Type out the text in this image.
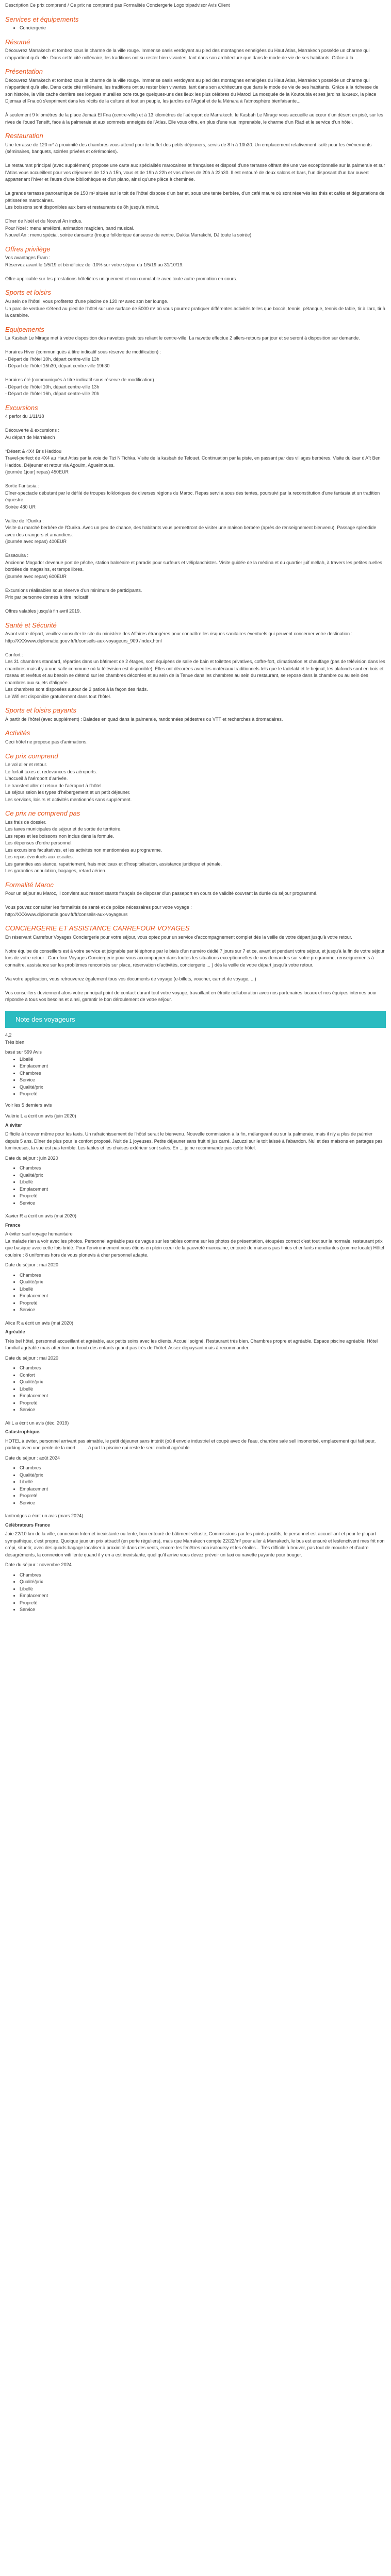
Description Ce prix comprend / Ce prix ne comprend pas Formalités Conciergerie Logo tripadvisor Avis Client
Services et équipements
• Conciergerie
Résumé

Découvrez Marrakech et tombez sous le charme de la ville rouge. Immense oasis verdoyant au pied des montagnes enneigées du Haut Atlas, Marrakech possède un charme qui n'appartient qu'à elle. Dans cette cité millénaire, les traditions ont su rester bien vivantes, tant dans son architecture que dans le mode de vie de ses habitants. Grâce à la ...

Présentation

Découvrez Marrakech et tombez sous le charme de la ville rouge. Immense oasis verdoyant au pied des montagnes enneigées du Haut Atlas, Marrakech possède un charme qui n'appartient qu'à elle. Dans cette cité millénaire, les traditions ont su rester bien vivantes, tant dans son architecture que dans le mode de vie de ses habitants. Grâce à la richesse de son histoire, la ville cache derrière ses longues murailles ocre rouge quelques-uns des lieux les plus célèbres du Maroc! La mosquée de la Koutoubia et ses jardins luxueux, la place Djemaa el Fna où s'expriment dans les récits de la culture et tout un peuple, les jardins de l'Agdal et de la Ménara à l'atmosphère bienfaisante...

À seulement 9 kilomètres de la place Jemaà El Fna (centre-ville) et à 13 kilomètres de l'aéroport de Marrakech, le Kasbah Le Mirage vous accueille au cœur d'un désert en pisé, sur les rives de l'oued Tensift, face à la palmeraie et aux sommets enneigés de l'Atlas. Elle vous offre, en plus d'une vue imprenable, le charme d'un Riad et le service d'un hôtel.

Restauration

Une terrasse de 120 m² à proximité des chambres vous attend pour le buffet des petits-déjeuners, servis de 8 h à 10h30. Un emplacement relativement isolé pour les évènements (séminaires, banquets, soirées privées et cérémonies).

Le restaurant principal (avec supplément) propose une carte aux spécialités marocaines et françaises et disposé d'une terrasse offrant été une vue exceptionnelle sur la palmeraie et sur l'Atlas vous accueillent pour vos déjeuners de 12h à 15h, vous et de 19h à 22h et vos dîners de 20h à 22h30. Il est entouré de deux salons et bars, l'un disposant d'un bar ouvert appartenant l'hiver et l'autre d'une bibliothèque et d'un piano, ainsi qu'une pièce à cheminée.

La grande terrasse panoramique de 150 m² située sur le toit de l'hôtel dispose d'un bar et, sous une tente berbère, d'un café maure où sont réservés les thés et cafés et dégustations de pâtisseries marocaines.
Les boissons sont disponibles aux bars et restaurants de 8h jusqu'à minuit.

Dîner de Noël et du Nouvel An inclus.
Pour Noël : menu amélioré, animation magicien, band musical.
Nouvel An : menu spécial, soirée dansante (troupe folklorique danseuse du ventre, Dakka Marrakchi, DJ toute la soirée).

Offres privilège

Vos avantages Fram :
Réservez avant le 1/5/19 et bénéficiez de -10% sur votre séjour du 1/5/19 au 31/10/19.

Offre applicable sur les prestations hôtelières uniquement et non cumulable avec toute autre promotion en cours.

Sports et loisirs

Au sein de l'hôtel, vous profiterez d'une piscine de 120 m² avec son bar lounge.
Un parc de verdure s'étend au pied de l'hôtel sur une surface de 5000 m² où vous pourrez pratiquer différentes activités telles que boccè, tennis, pétanque, tennis de table, tir à l'arc, tir à la carabine.

Equipements

La Kasbah Le Mirage met à votre disposition des navettes gratuites reliant le centre-ville. La navette effectue 2 allers-retours par jour et se seront à disposition sur demande.

Horaires Hiver (communiqués à titre indicatif sous réserve de modification) :
- Départ de l'hôtel 10h, départ centre-ville 13h
- Départ de l'hôtel 15h30, départ centre-ville 19h30

Horaires été (communiqués à titre indicatif sous réserve de modification) :
- Départ de l'hôtel 10h, départ centre-ville 13h
- Départ de l'hôtel 16h, départ centre-ville 20h

Excursions

4 perfor du 1/11/18

Découverte & excursions :
Au départ de Marrakech

*Désert & 4X4 Bris Haddou
Travel-perfect de 4X4 au Haut Atlas par la voie de Tizi N'Tichka. Visite de la kasbah de Telouet. Continuation par la piste, en passant par des villages berbères. Visite du ksar d'Aït Ben Haddou. Déjeuner et retour via Agouim, Aguelmouss.
(journée 1jour) repas) 450EUR

Sortie Fantasia :
Dîner-spectacle débutant par le défilé de troupes folkloriques de diverses régions du Maroc. Repas servi à sous des tentes, poursuivi par la reconstitution d'une fantasia et un tradition équestre.
Soirée 480 UR

Vallée de l'Ourika :
Visite du marché berbère de l'Ourika. Avec un peu de chance, des habitants vous permettront de visiter une maison berbère (après de renseignement bienvenu). Passage splendide avec des orangers et amandiers.
(journée avec repas) 400EUR

Essaouira :
Ancienne Mogador devenue port de pêche, station balnéaire et paradis pour surfeurs et véliplanchistes. Visite guidée de la médina et du quartier juif mellah, à travers les petites ruelles bordées de magasins, et temps libres.
(journée avec repas) 600EUR

Excursions réalisables sous réserve d'un minimum de participants.
Prix par personne donnés à titre indicatif

Offres valables jusqu'à fin avril 2019.

Santé et Sécurité

Avant votre départ, veuillez consulter le site du ministère des Affaires étrangères pour connaître les risques sanitaires éventuels qui peuvent concerner votre destination : http://XXXwww.diplomatie.gouv.fr/fr/conseils-aux-voyageurs_909 /index.html

Confort :
Les 31 chambres standard, réparties dans un bâtiment de 2 étages, sont équipées de salle de bain et toilettes privatives, coffre-fort, climatisation et chauffage (pas de télévision dans les chambres mais il y a une salle commune où la télévision est disponible). Elles ont décorées avec les matériaux traditionnels tels que le tadelakt et le bejmat, les plafonds sont en bois et roseau et revêtus et au besoin se détend sur les chambres décorées et au sein de la Tenue dans les chambres au sein du restaurant, se repose dans la chambre ou au sein des chambres aux sujets d'alignée.
Les chambres sont disposées autour de 2 patios à la façon des riads.
Le Wifi est disponible gratuitement dans tout l'hôtel.

Sports et loisirs payants

À partir de l'hôtel (avec supplément) : Balades en quad dans la palmeraie, randonnées pédestres ou VTT et recherches à dromadaires.

Activités

Ceci hôtel ne propose pas d'animations.

Ce prix comprend

Le vol aller et retour.
Le forfait taxes et redevances des aéroports.
L'accueil à l'aéroport d'arrivée.
Le transfert aller et retour de l'aéroport à l'hôtel.
Le séjour selon les types d'hébergement et un petit déjeuner.
Les services, loisirs et activités mentionnés sans supplément.

Ce prix ne comprend pas

Les frais de dossier.
Les taxes municipales de séjour et de sortie de territoire.
Les repas et les boissons non inclus dans la formule.
Les dépenses d'ordre personnel.
Les excursions facultatives, et les activités non mentionnées au programme.
Les repas éventuels aux escales.
Les garanties assistance, rapatriement, frais médicaux et d'hospitalisation, assistance juridique et pénale.
Les garanties annulation, bagages, retard aérien.

Formalité Maroc

Pour un séjour au Maroc, il convient aux ressortissants français de disposer d'un passeport en cours de validité couvrant la durée du séjour programmé.

Vous pouvez consulter les formalités de santé et de police nécessaires pour votre voyage :
http://XXXwww.diplomatie.gouv.fr/fr/conseils-aux-voyageurs

CONCIERGERIE ET ASSISTANCE CARREFOUR VOYAGES

En réservant Carrefour Voyages Conciergerie pour votre séjour, vous optez pour un service d'accompagnement complet dès la veille de votre départ jusqu'à votre retour.

Notre équipe de conseillers est à votre service et joignable par téléphone par le biais d'un numéro dédié 7 jours sur 7 et ce, avant et pendant votre séjour, et jusqu'à la fin de votre séjour lors de votre retour : Carrefour Voyages Conciergerie pour vous accompagner dans toutes les situations exceptionnelles de vos demandes sur votre programme, renseignements à connaître, assistance sur les problèmes rencontrés sur place, réservation d'activités, conciergerie ... ) dès la veille de votre départ jusqu'à votre retour.

Via votre application, vous retrouverez également tous vos documents de voyage (e-billets, voucher, carnet de voyage, ...)

Vos conseillers deviennent alors votre principal point de contact durant tout votre voyage, travaillant en étroite collaboration avec nos partenaires locaux et nos équipes internes pour répondre à tous vos besoins et ainsi, garantir le bon déroulement de votre séjour.

Note des voyageurs
4,2
Très bien
basé sur 599 Avis
• Libellé
• Emplacement
• Chambres
• Service
• Qualité/prix
• Propreté
Voir les 5 derniers avis
Valérie L a écrit un avis (juin 2020)
A éviter
Difficile à trouver même pour les taxis. Un rafraîchissement de l'hôtel serait le bienvenu. Nouvelle commission à la fin, mélangeant ou sur la palmeraie, mais il n'y a plus de palmier depuis 5 ans. Dîner de plus pour le confort proposé. Nuit de 1 joyeuses. Petite déjeuner sans fruit ni jus carré. Jacuzzi sur le toit laissé à l'abandon. Nul et des maisons en partages pas lumineuses, la vue est pas terrible. Les tables et les chaises extérieur sont sales. En ... je ne recommande pas cette hôtel.
Date du séjour : juin 2020
• Chambres
• Qualité/prix
• Libellé
• Emplacement
• Propreté
• Service
Xavier R a écrit un avis (mai 2020)
France
A éviter sauf voyage humanitaire
La malade rien a voir avec les photos. Personnel agréable pas de vague sur les tables comme sur les photos de présentation, étoupées correct c'est tout sur la normale, restaurant prix que basique avec cette fois bridé. Pour l'environnement nous étions en plein cœur de la pauvreté marocaine, entouré de maisons pas finies et enfants mendiantes (comme locale) Hôtel couloire : 8 uniformes hors de vous plonevis à cher personnel adapte.
Date du séjour : mai 2020
• Chambres
• Qualité/prix
• Libellé
• Emplacement
• Propreté
• Service
Alice R a écrit un avis (mai 2020)
Agréable
Très bel hôtel, personnel accueillant et agréable, aux petits soins avec les clients. Accueil soigné. Restaurant très bien. Chambres propre et agréable. Espace piscine agréable. Hôtel familial agréable mais attention au broub des enfants quand pas très de l'hôtel. Assez dépaysant mais à recommander.
Date du séjour : mai 2020
• Chambres
• Confort
• Qualité/prix
• Libellé
• Emplacement
• Propreté
• Service
Ali L a écrit un avis (déc. 2019)
Catastrophique.
HOTEL à éviter, personnel arrivant pas aimable, le petit déjeuner sans intérêt (où il envoie industriel et coupé avec de l'eau, chambre sale sell insonorisé, emplacement qui fait peur, parking avec une pente de la mort ........ à part la piscine qui reste le seul endroit agréable.
Date du séjour : août 2024
• Chambres
• Qualité/prix
• Libellé
• Emplacement
• Propreté
• Service
lantrodgos a écrit un avis (mars 2024)
Célébrateurs France
Joie 22/10 km de la ville, connexion Internet inexistante ou lente, bon entouré de bâtiment-vétuste, Commissions par les points positifs, le personnel est accueillant et pour le plupart sympathique, c'est propre. Quoique jeux un prix attractif (en porte réguliers), mais que Marrakech compte 22/22/m² pour aller à Marrakech, le bus est ensuré et lesfenctivent mes frit non crépi, situetir, avec des quads bagage localiser à proximité dans des vents, encore les fenêtres non isoloursy et les étoiles... Très difficile à trouver, pas tout de mouche et d'autre désagréments, la connexion wifi lente quand il y en a est inexistante, quel qu'il arrive vous devez prévoir un taxi ou navette payante pour bouger.
Date du séjour : novembre 2024
• Chambres
• Qualité/prix
• Libellé
• Emplacement
• Propreté
• Service
